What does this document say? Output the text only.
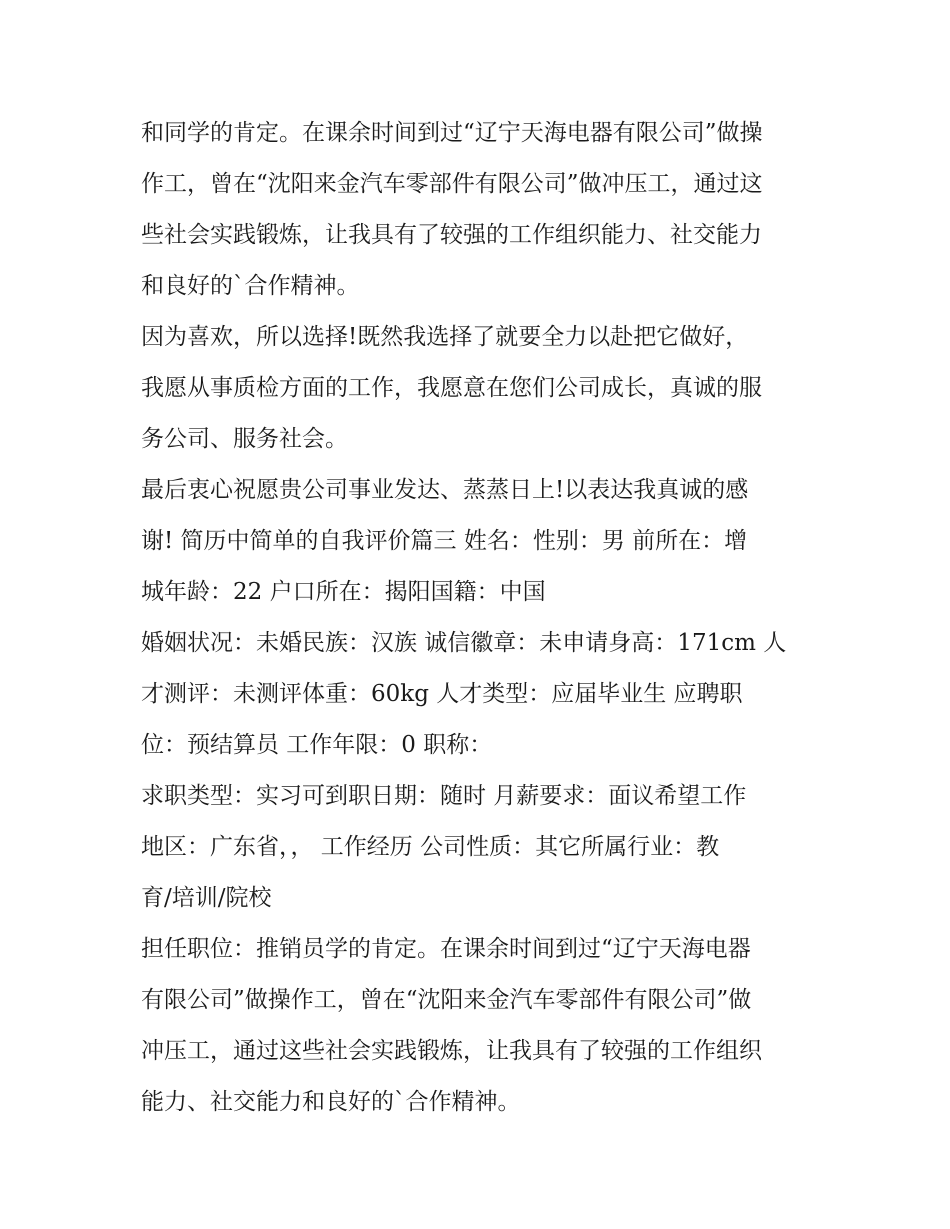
和同学的肯定。在课余时间到过“辽宁天海电器有限公司”做操
作工，曾在“沈阳来金汽车零部件有限公司”做冲压工，通过这
些社会实践锻炼，让我具有了较强的工作组织能力、社交能力
和良好的`合作精神。
因为喜欢，所以选择!既然我选择了就要全力以赴把它做好，
我愿从事质检方面的工作，我愿意在您们公司成长，真诚的服
务公司、服务社会。
最后衷心祝愿贵公司事业发达、蒸蒸日上!以表达我真诚的感
谢! 简历中简单的自我评价篇三 姓名：性别：男 前所在：增
城年龄：22 户口所在：揭阳国籍：中国
婚姻状况：未婚民族：汉族 诚信徽章：未申请身高：171cm 人
才测评：未测评体重：60kg 人才类型：应届毕业生 应聘职
位：预结算员 工作年限：0 职称：
求职类型：实习可到职日期：随时 月薪要求：面议希望工作
地区：广东省，， 工作经历 公司性质：其它所属行业：教
育/培训/院校
担任职位：推销员学的肯定。在课余时间到过“辽宁天海电器
有限公司”做操作工，曾在“沈阳来金汽车零部件有限公司”做
冲压工，通过这些社会实践锻炼，让我具有了较强的工作组织
能力、社交能力和良好的`合作精神。
